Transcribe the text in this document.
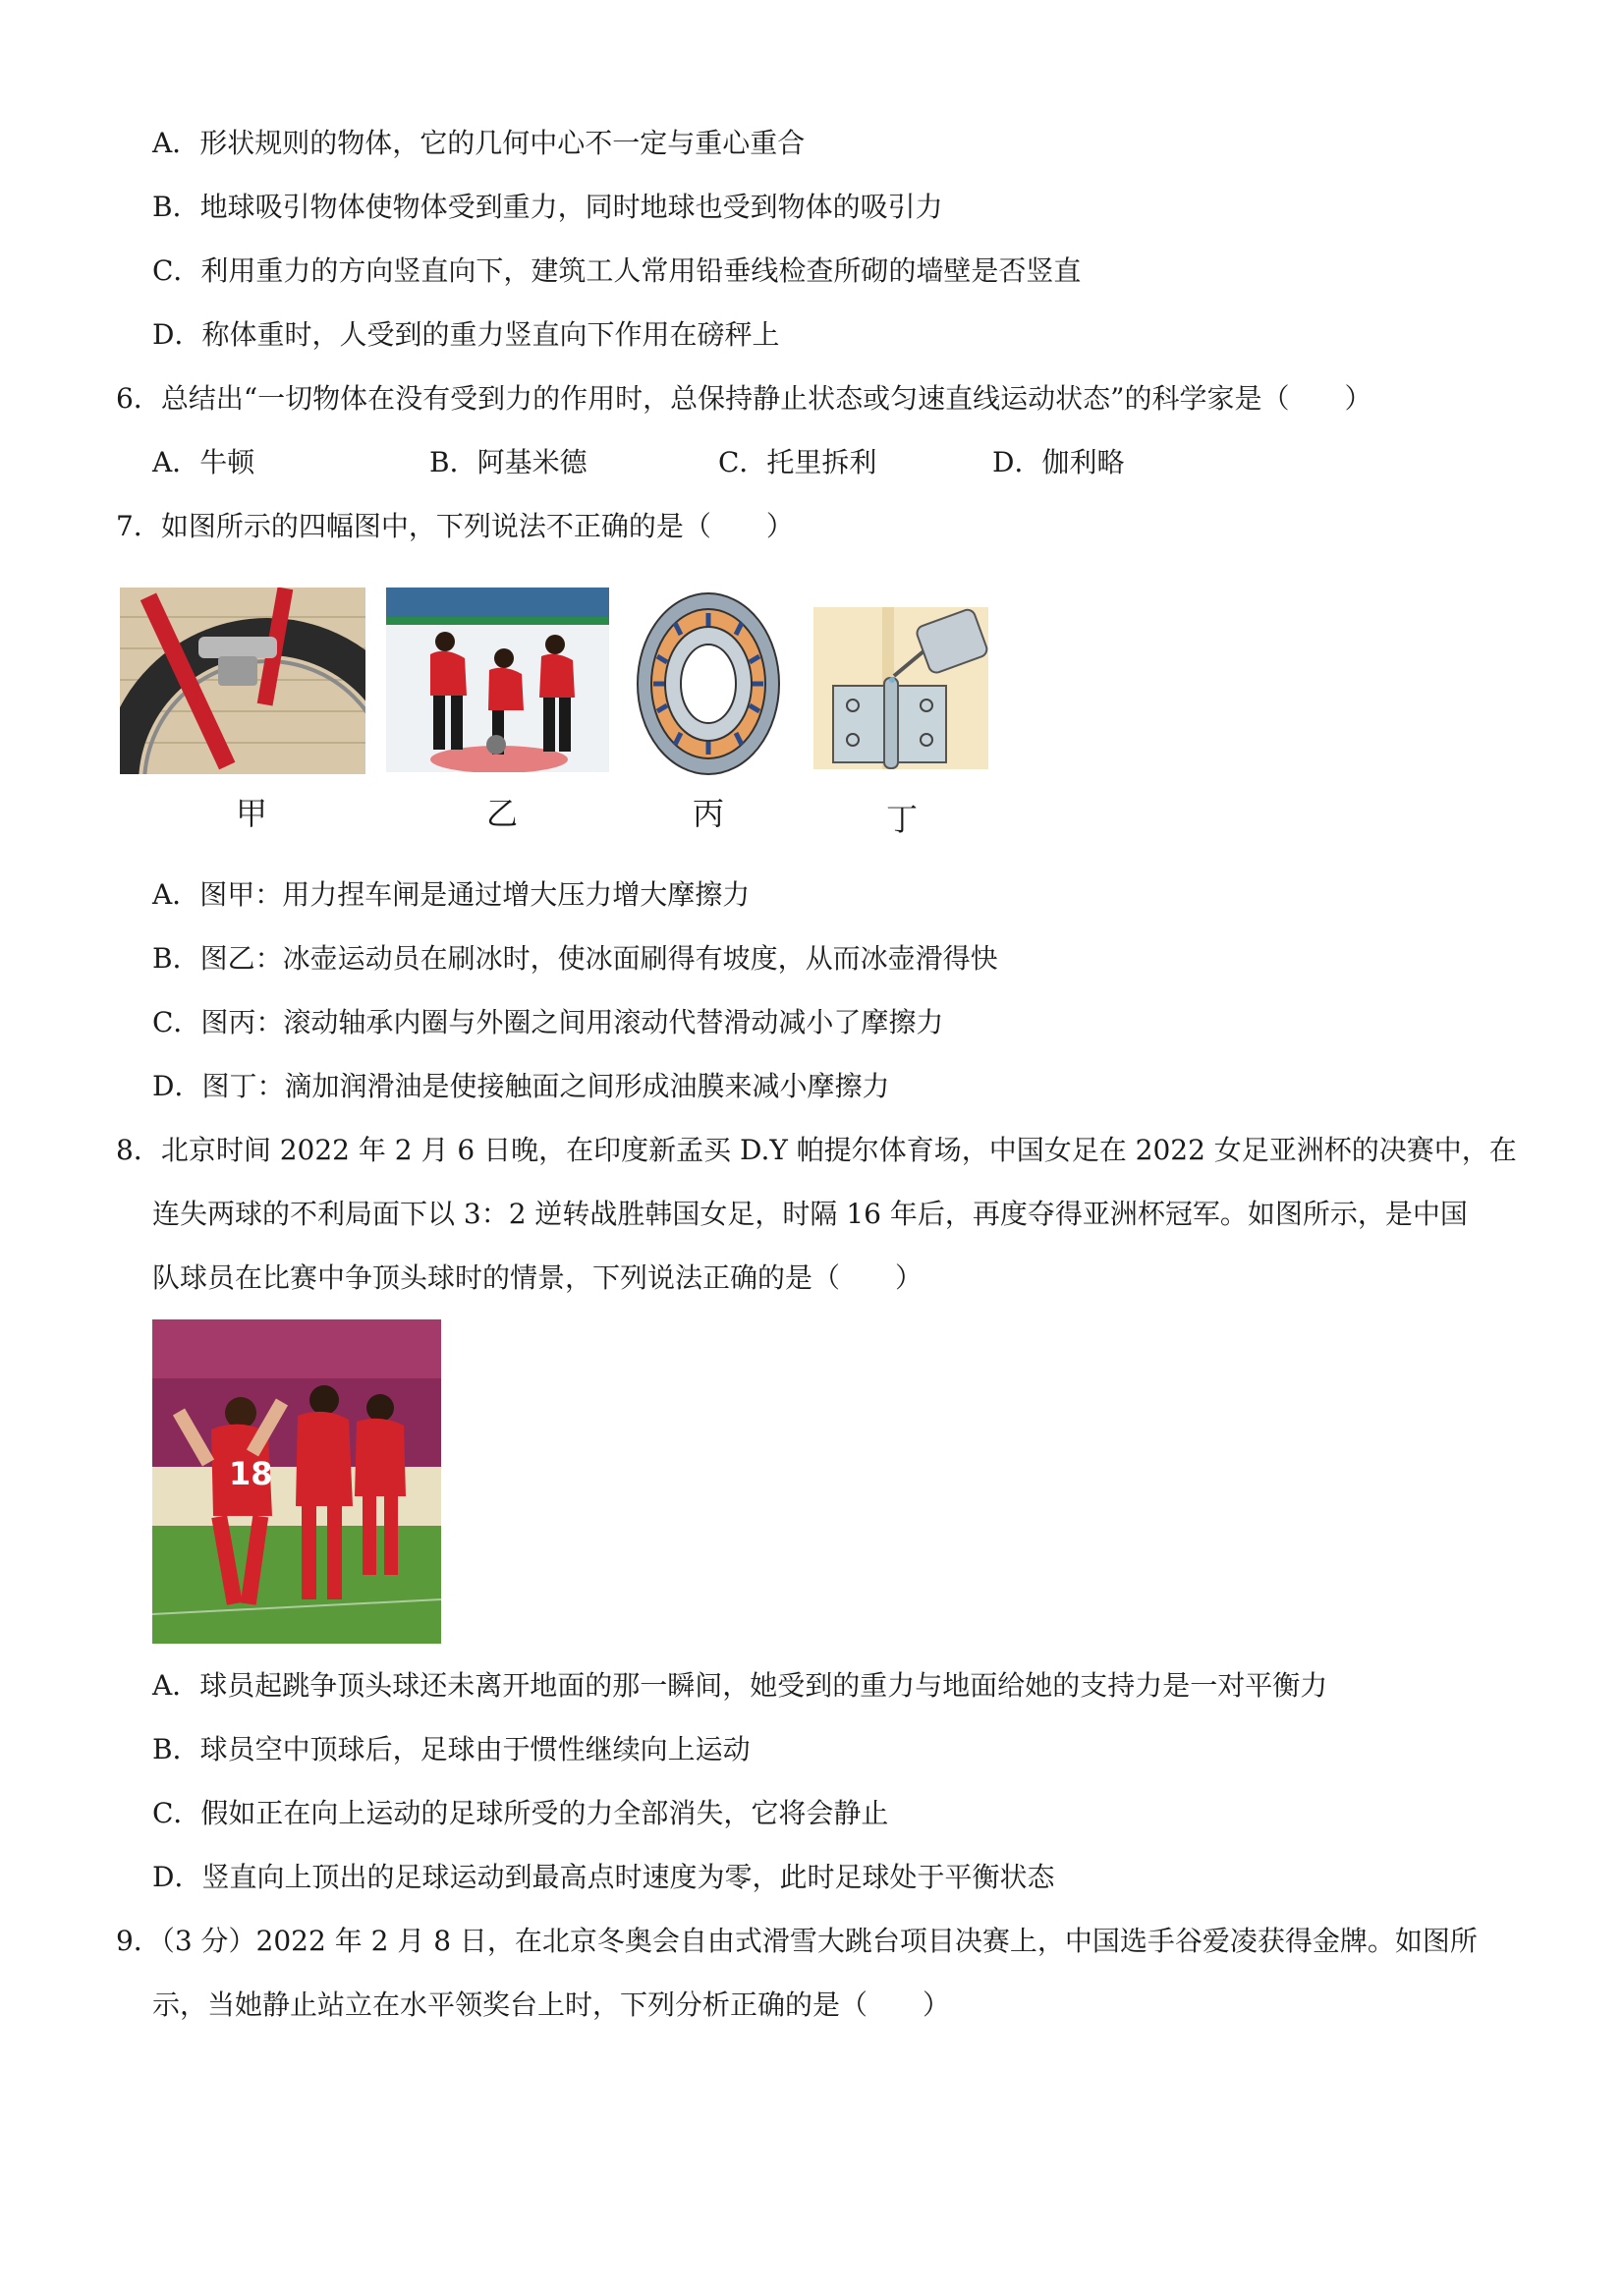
A．形状规则的物体，它的几何中心不一定与重心重合
B．地球吸引物体使物体受到重力，同时地球也受到物体的吸引力
C．利用重力的方向竖直向下，建筑工人常用铅垂线检查所砌的墙壁是否竖直
D．称体重时，人受到的重力竖直向下作用在磅秤上
6．总结出“一切物体在没有受到力的作用时，总保持静止状态或匀速直线运动状态”的科学家是（　　）
A．牛顿	B．阿基米德	C．托里拆利	D．伽利略
7．如图所示的四幅图中，下列说法不正确的是（　　）
甲	乙	丙	丁
A．图甲：用力捏车闸是通过增大压力增大摩擦力
B．图乙：冰壶运动员在刷冰时，使冰面刷得有坡度，从而冰壶滑得快
C．图丙：滚动轴承内圈与外圈之间用滚动代替滑动减小了摩擦力
D．图丁：滴加润滑油是使接触面之间形成油膜来减小摩擦力
8．北京时间 2022 年 2 月 6 日晚，在印度新孟买 D.Y 帕提尔体育场，中国女足在 2022 女足亚洲杯的决赛中，在
连失两球的不利局面下以 3：2 逆转战胜韩国女足，时隔 16 年后，再度夺得亚洲杯冠军。如图所示，是中国
队球员在比赛中争顶头球时的情景，下列说法正确的是（　　）
18
A．球员起跳争顶头球还未离开地面的那一瞬间，她受到的重力与地面给她的支持力是一对平衡力
B．球员空中顶球后，足球由于惯性继续向上运动
C．假如正在向上运动的足球所受的力全部消失，它将会静止
D．竖直向上顶出的足球运动到最高点时速度为零，此时足球处于平衡状态
9．（3 分）2022 年 2 月 8 日，在北京冬奥会自由式滑雪大跳台项目决赛上，中国选手谷爱凌获得金牌。如图所
示，当她静止站立在水平领奖台上时，下列分析正确的是（　　）
